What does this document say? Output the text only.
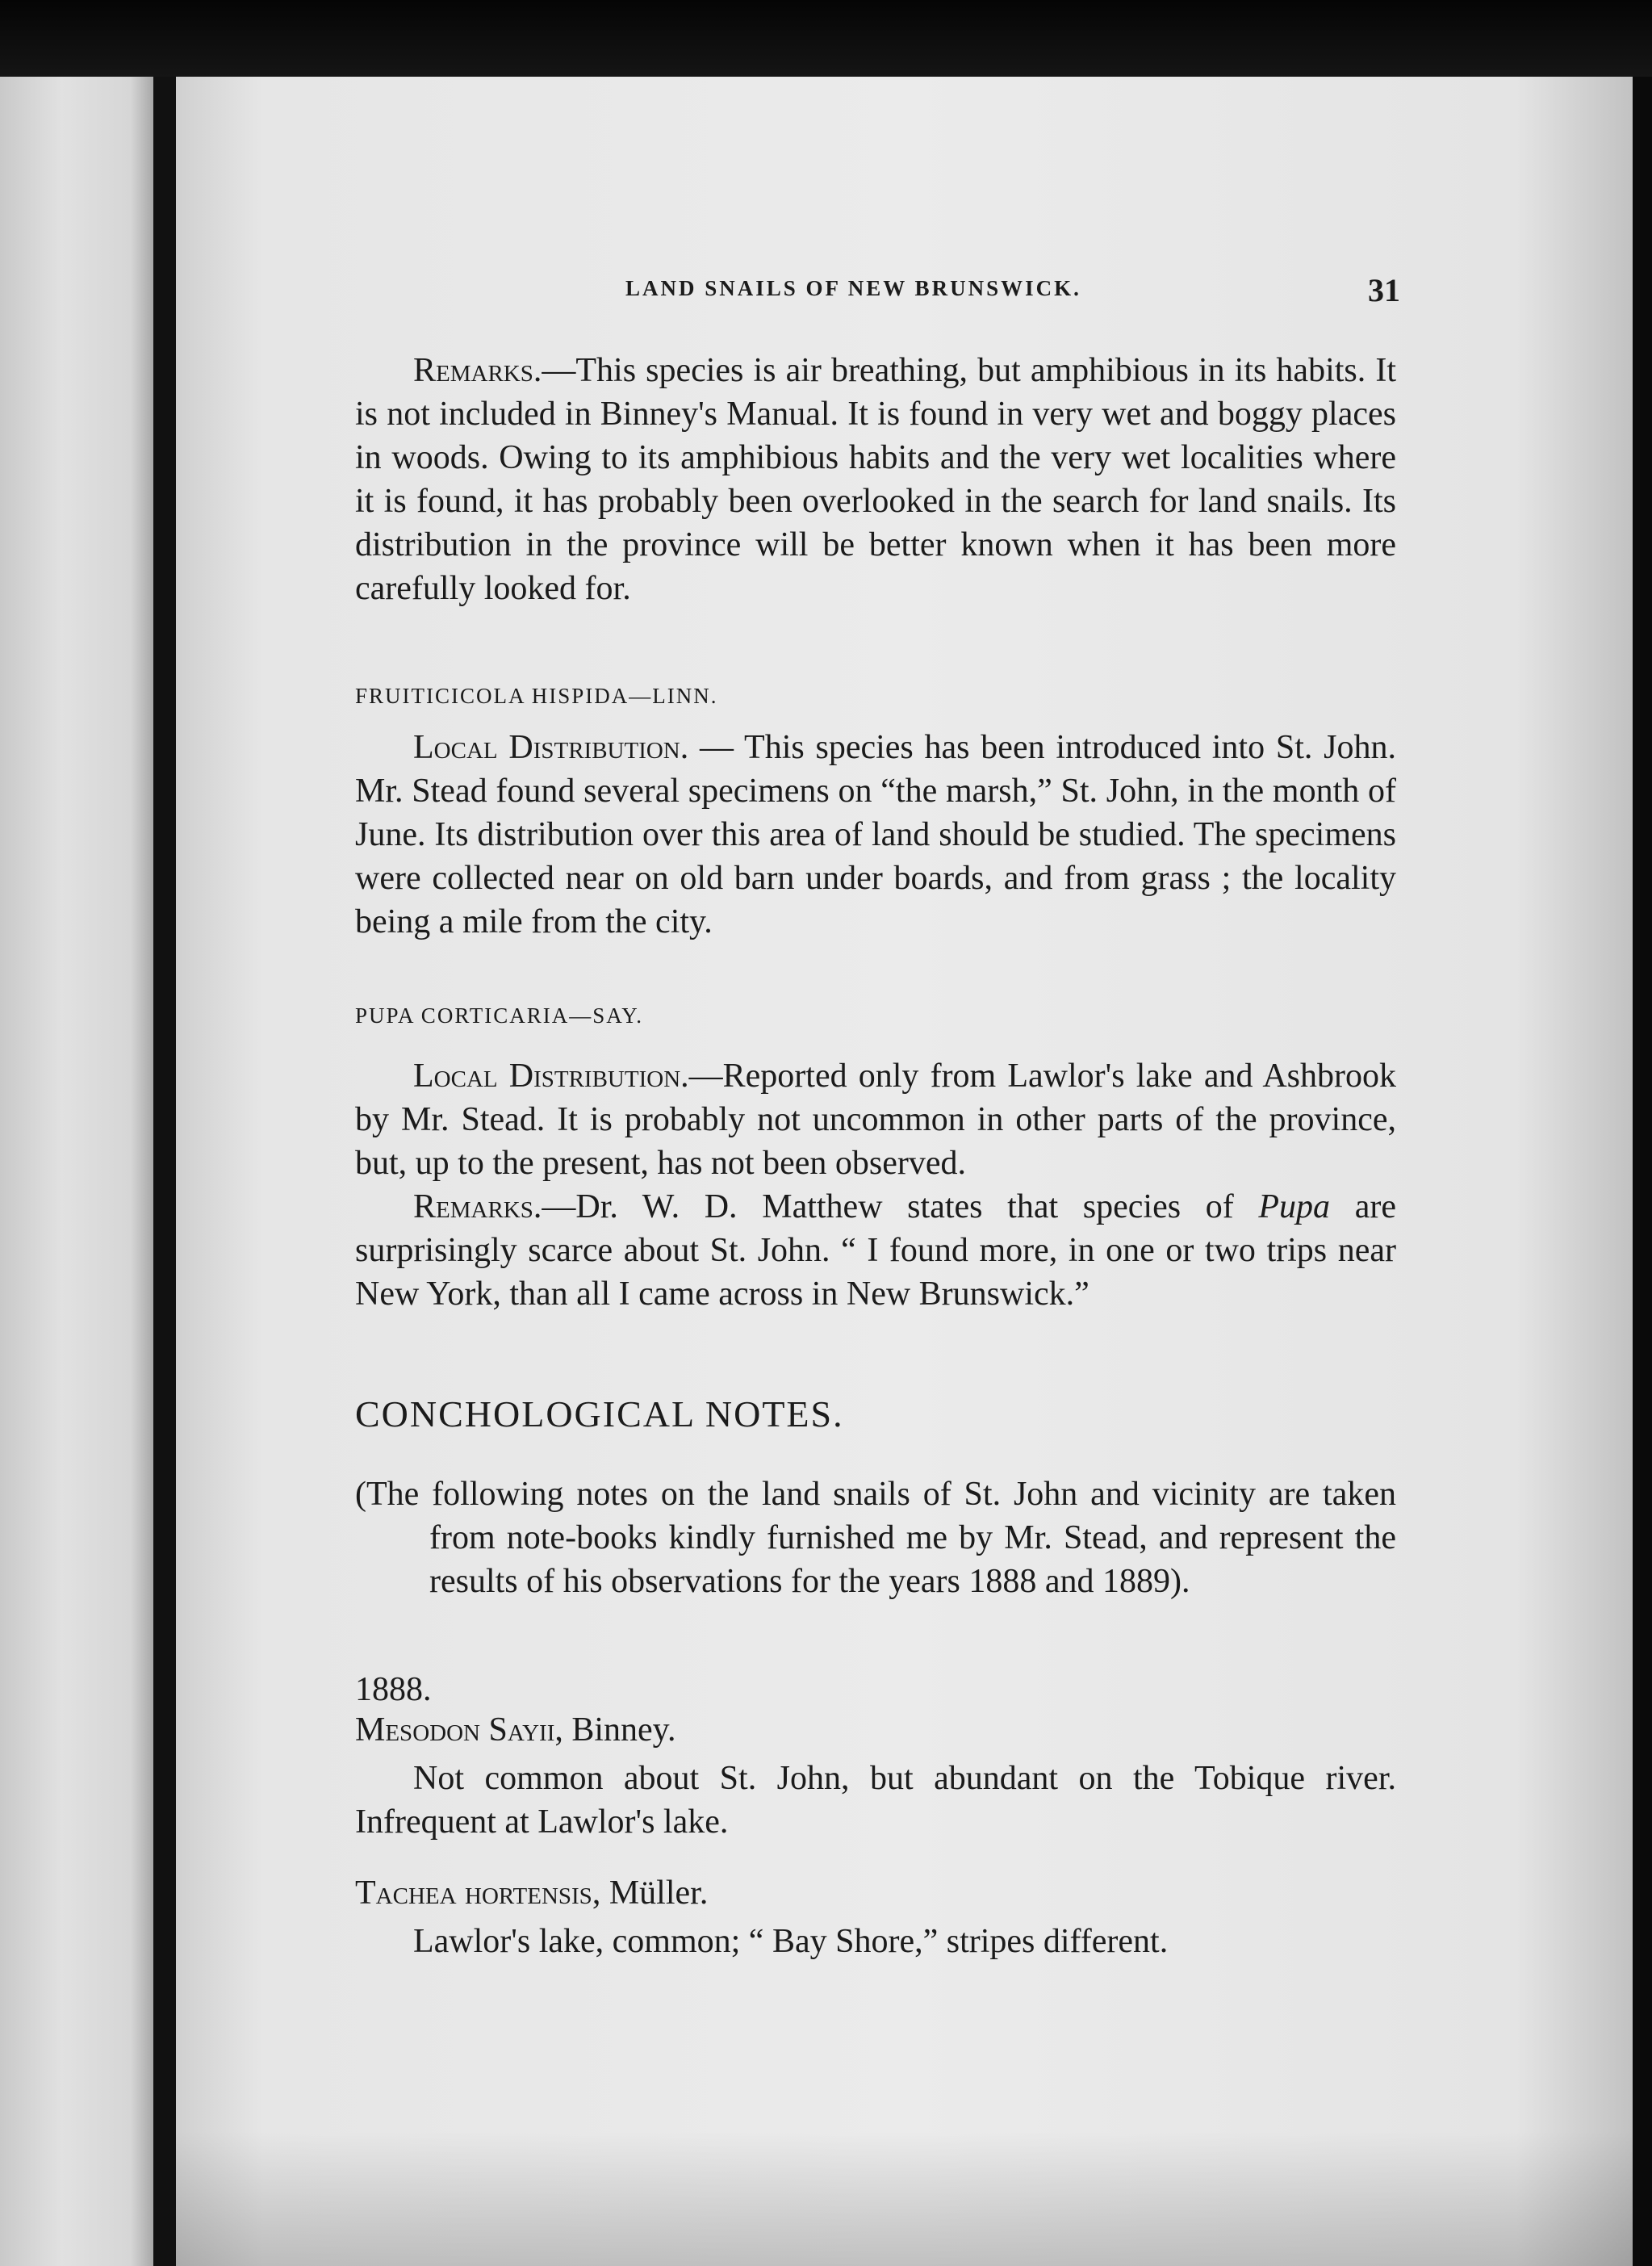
LAND SNAILS OF NEW BRUNSWICK.	31

Remarks.—This species is air breathing, but amphibious in its habits. It is not included in Binney's Manual. It is found in very wet and boggy places in woods. Owing to its amphibious habits and the very wet localities where it is found, it has probably been overlooked in the search for land snails. Its distribution in the province will be better known when it has been more carefully looked for.

FRUITICICOLA HISPIDA—LINN.

Local Distribution. — This species has been introduced into St. John. Mr. Stead found several specimens on “the marsh,” St. John, in the month of June. Its distribution over this area of land should be studied. The specimens were collected near on old barn under boards, and from grass ; the locality being a mile from the city.

PUPA CORTICARIA—SAY.

Local Distribution.—Reported only from Lawlor's lake and Ashbrook by Mr. Stead. It is probably not uncommon in other parts of the province, but, up to the present, has not been observed.

Remarks.—Dr. W. D. Matthew states that species of Pupa are surprisingly scarce about St. John. “ I found more, in one or two trips near New York, than all I came across in New Brunswick.”

CONCHOLOGICAL NOTES.

(The following notes on the land snails of St. John and vicinity are taken from note-books kindly furnished me by Mr. Stead, and represent the results of his observations for the years 1888 and 1889).

1888.

Mesodon Sayii, Binney.

Not common about St. John, but abundant on the Tobique river. Infrequent at Lawlor's lake.

Tachea hortensis, Müller.

Lawlor's lake, common; “ Bay Shore,” stripes different.
